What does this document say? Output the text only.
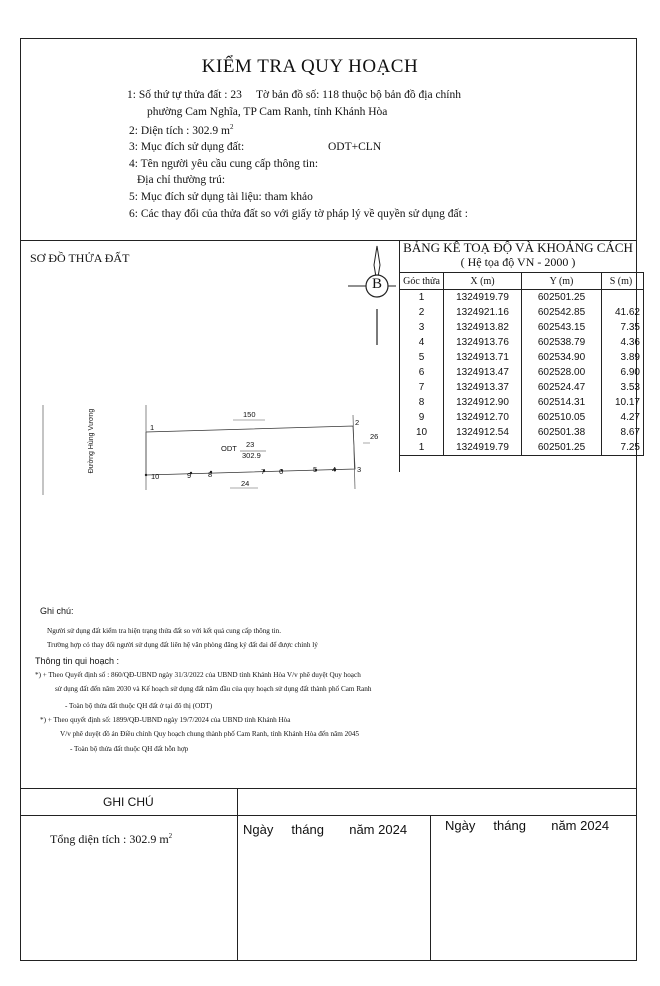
KIỂM TRA QUY HOẠCH
1: Số thứ tự thửa đất : 23 Tờ bản đồ số: 118 thuộc bộ bản đồ địa chính
phường Cam Nghĩa, TP Cam Ranh, tỉnh Khánh Hòa
2: Diện tích : 302.9 $m^2$
3: Mục đích sử dụng đất:	ODT+CLN
4: Tên người yêu cầu cung cấp thông tin:
Địa chỉ thường trú:
5: Mục đích sử dụng tài liệu: tham khảo
6: Các thay đổi của thửa đất so với giấy tờ pháp lý về quyền sử dụng đất :
SƠ ĐỒ THỬA ĐẤT
BẢNG KÊ TOẠ ĐỘ VÀ KHOẢNG CÁCH
( Hệ tọa độ VN - 2000 )
Góc thửa	X (m)	Y (m)	S (m)
1	1324919.79	602501.25	
2	1324921.16	602542.85	41.62
3	1324913.82	602543.15	7.35
4	1324913.76	602538.79	4.36
5	1324913.71	602534.90	3.89
6	1324913.47	602528.00	6.90
7	1324913.37	602524.47	3.53
8	1324912.90	602514.31	10.17
9	1324912.70	602510.05	4.27
10	1324912.54	602501.38	8.67
1	1324919.79	602501.25	7.25
B
Đường Hùng Vương	1
2
3
4
5
6
7
8
9
10
150
24
26
ODT 23
302.9
Ghi chú:
Người sử dụng đất kiểm tra hiện trạng thửa đất so với kết quả cung cấp thông tin.
Trường hợp có thay đổi người sử dụng đất liên hệ văn phòng đăng ký đất đai để được chỉnh lý
Thông tin qui hoạch :
*) + Theo Quyết định số : 860/QĐ-UBND ngày 31/3/2022 của UBND tỉnh Khánh Hòa V/v phê duyệt Quy hoạch
sử dụng đất đến năm 2030 và Kế hoạch sử dụng đất năm đầu của quy hoạch sử dụng đất thành phố Cam Ranh
- Toàn bộ thửa đất thuộc QH đất ở tại đô thị (ODT)
*) + Theo quyết định số: 1899/QĐ-UBND ngày 19/7/2024 của UBND tỉnh Khánh Hòa
V/v phê duyệt đồ án Điều chỉnh Quy hoạch chung thành phố Cam Ranh, tỉnh Khánh Hòa đến năm 2045
- Toàn bộ thửa đất thuộc QH đất hỗn hợp
GHI CHÚ
Tổng diện tích : 302.9 $m^2$	Ngày     tháng       năm 2024	Ngày     tháng       năm 2024
